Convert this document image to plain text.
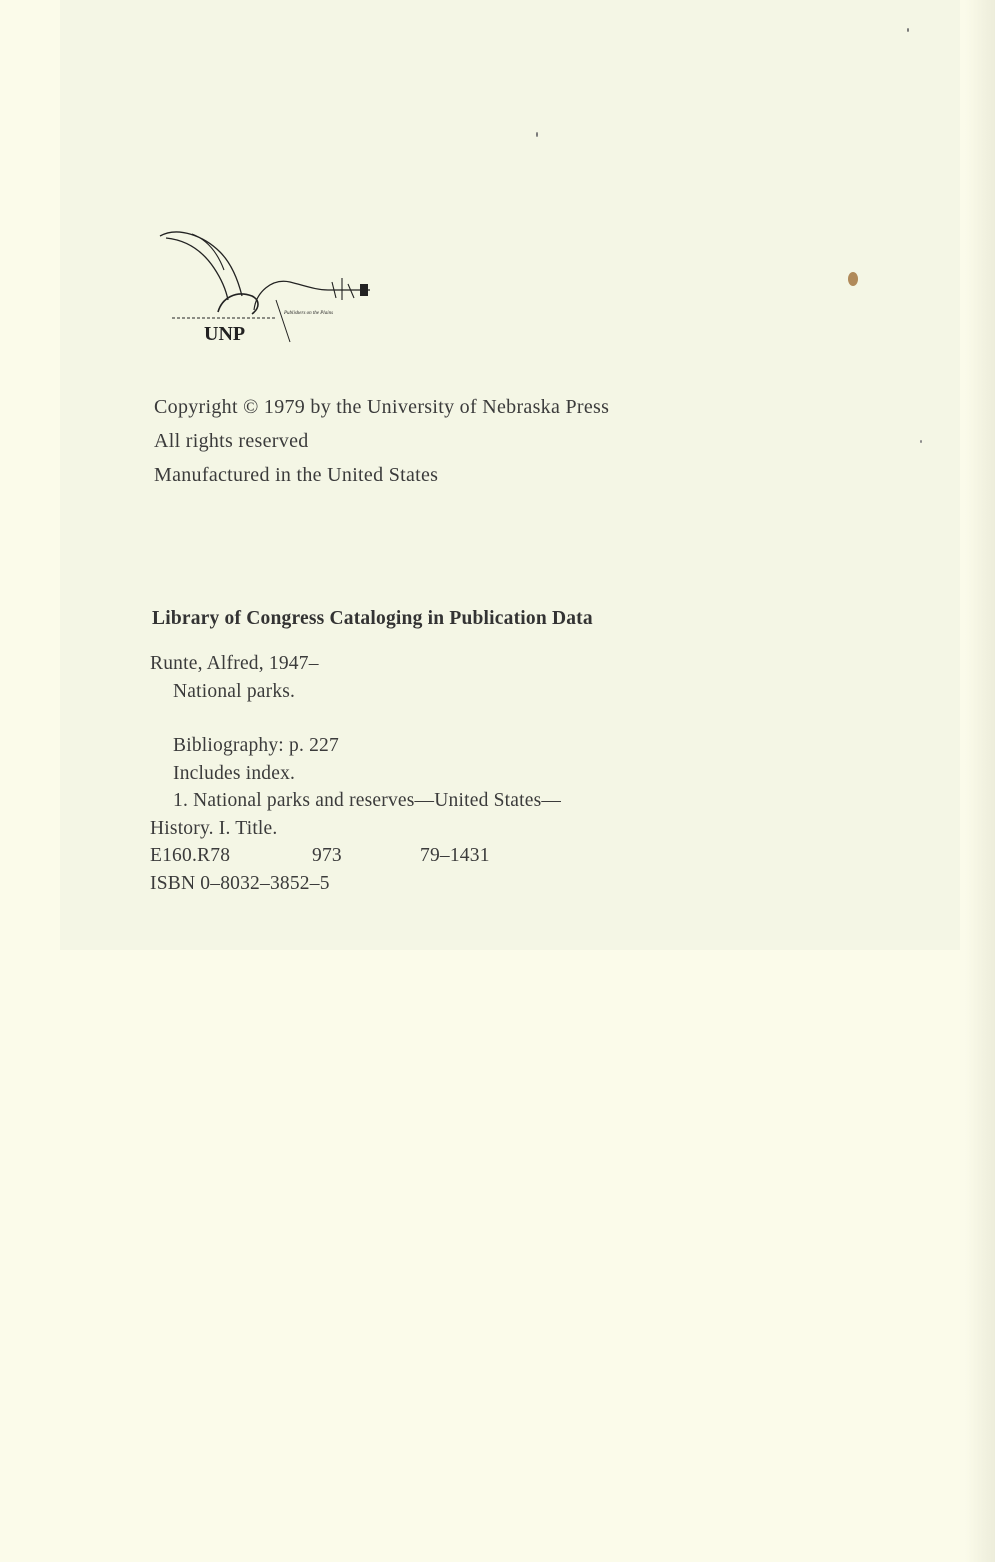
UNP
Publishers on the Plains
Copyright © 1979 by the University of Nebraska Press
All rights reserved
Manufactured in the United States
Library of Congress Cataloging in Publication Data
Runte, Alfred, 1947–
National parks.
Bibliography: p. 227
Includes index.
1. National parks and reserves—United States—
History. I. Title.
E160.R78	973	79–1431
ISBN 0–8032–3852–5
